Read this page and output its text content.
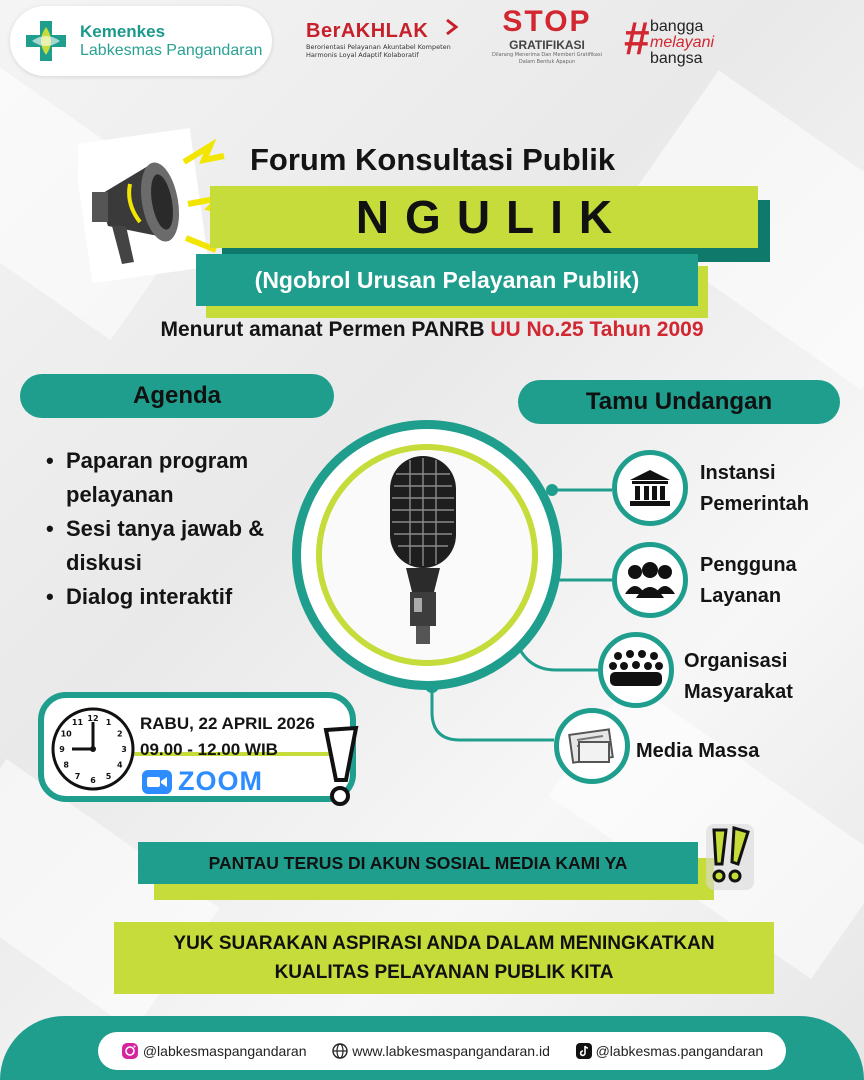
Kemenkes
Labkesmas Pangandaran
BerAKHLAK
Berorientasi Pelayanan Akuntabel Kompeten
Harmonis Loyal Adaptif Kolaboratif
STOP
GRATIFIKASI
Dilarang Menerima Dan Memberi Gratifikasi Dalam Bentuk Apapun	# bangga
melayani
bangsa
Forum Konsultasi Publik
NGULIK
(Ngobrol Urusan Pelayanan Publik)
Menurut amanat Permen PANRB UU No.25 Tahun 2009
Agenda
• Paparan program pelayanan
• Sesi tanya jawab & diskusi
• Dialog interaktif
Tamu Undangan
Instansi
Pemerintah
Pengguna
Layanan
Organisasi
Masyarakat
Media Massa
12 1
2
3
4
5
6
7
8
9
10
11	RABU, 22 APRIL 2026
09.00 - 12.00 WIB
ZOOM
PANTAU TERUS DI AKUN SOSIAL MEDIA KAMI YA
YUK SUARAKAN ASPIRASI ANDA DALAM MENINGKATKAN
KUALITAS PELAYANAN PUBLIK KITA
@labkesmaspangandaran	www.labkesmaspangandaran.id	@labkesmas.pangandaran
